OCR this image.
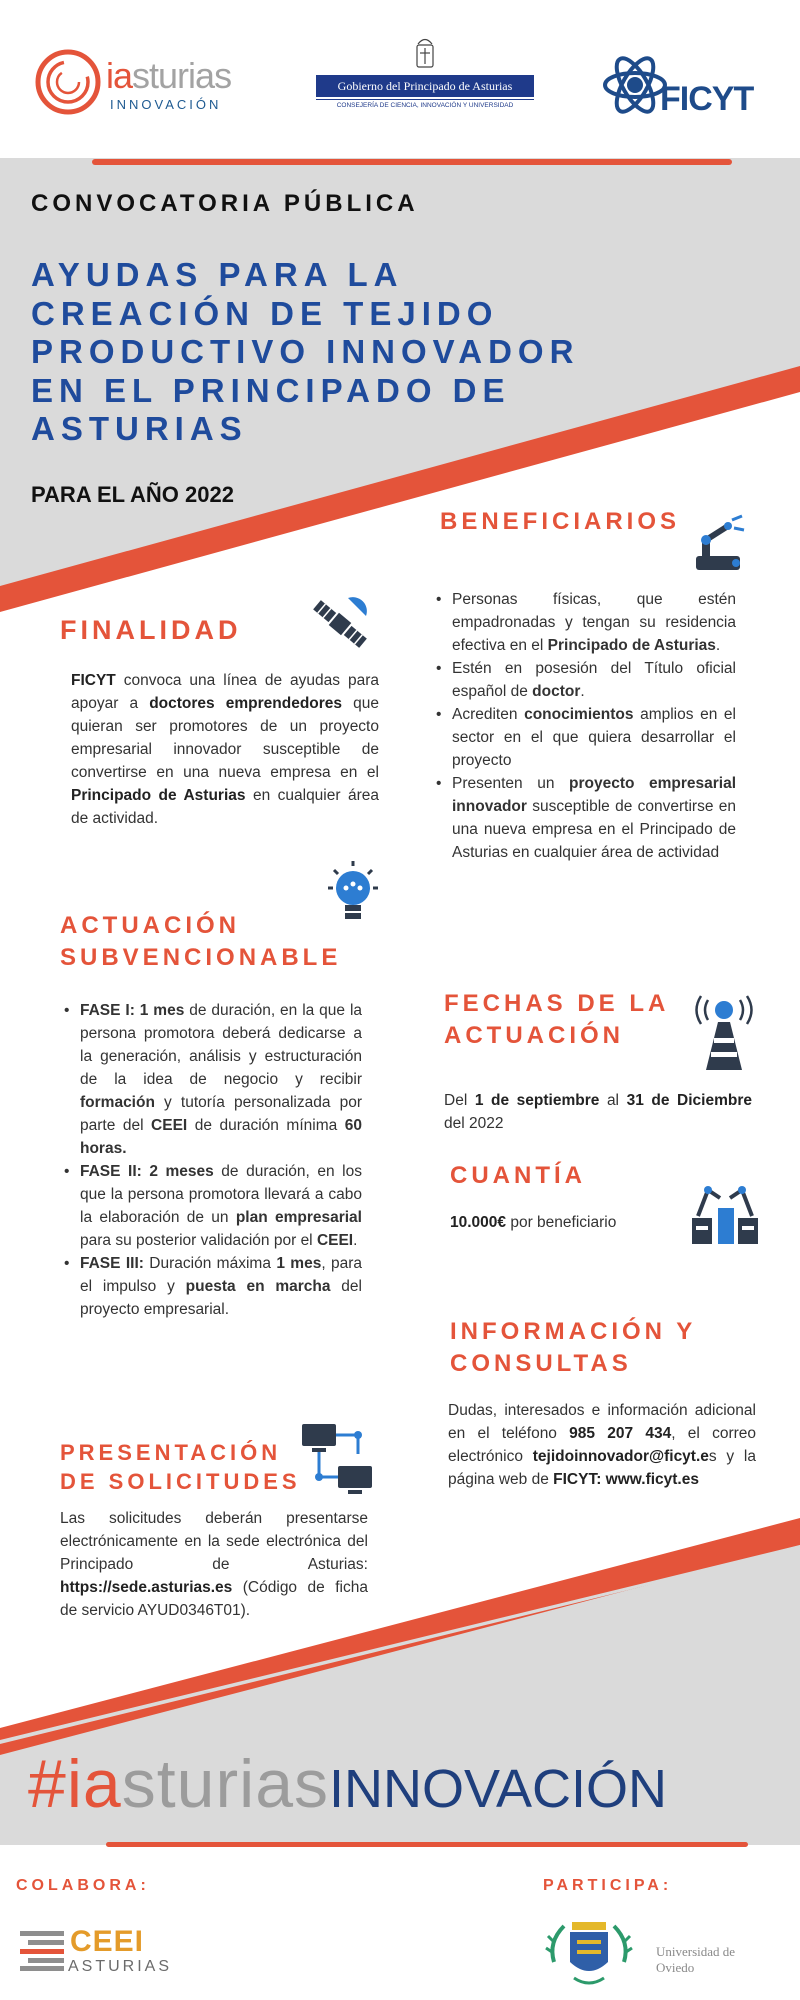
iasturias
INNOVACIÓN
Gobierno del Principado de Asturias
CONSEJERÍA DE CIENCIA, INNOVACIÓN Y UNIVERSIDAD	FICYT
CONVOCATORIA PÚBLICA
AYUDAS PARA LA
CREACIÓN DE TEJIDO
PRODUCTIVO INNOVADOR
EN EL PRINCIPADO DE
ASTURIAS
PARA EL AÑO 2022
BENEFICIARIOS
• Personas físicas, que estén empadronadas y tengan su residencia efectiva en el Principado de Asturias.
• Estén en posesión del Título oficial español de doctor.
• Acrediten conocimientos amplios en el sector en el que quiera desarrollar el proyecto
• Presenten un proyecto empresarial innovador susceptible de convertirse en una nueva empresa en el Principado de Asturias en cualquier área de actividad
FINALIDAD
FICYT convoca una línea de ayudas para apoyar a doctores emprendedores que quieran ser promotores de un proyecto empresarial innovador susceptible de convertirse en una nueva empresa en el Principado de Asturias en cualquier área de actividad.
ACTUACIÓN
SUBVENCIONABLE
• FASE I: 1 mes de duración, en la que la persona promotora deberá dedicarse a la generación, análisis y estructuración de la idea de negocio y recibir formación y tutoría personalizada por parte del CEEI de duración mínima 60 horas.
• FASE II: 2 meses de duración, en los que la persona promotora llevará a cabo la elaboración de un plan empresarial para su posterior validación por el CEEI.
• FASE III: Duración máxima 1 mes, para el impulso y puesta en marcha del proyecto empresarial.
FECHAS DE LA
ACTUACIÓN
Del 1 de septiembre al 31 de Diciembre del 2022
CUANTÍA
10.000€ por beneficiario
INFORMACIÓN Y
CONSULTAS
Dudas, interesados e información adicional en el teléfono 985 207 434, el correo electrónico tejidoinnovador@ficyt.es y la página web de FICYT: www.ficyt.es
PRESENTACIÓN
DE SOLICITUDES
Las solicitudes deberán presentarse electrónicamente en la sede electrónica del Principado de Asturias: https://sede.asturias.es (Código de ficha de servicio AYUD0346T01).
#iasturiasINNOVACIÓN
COLABORA:	PARTICIPA:
CEEI
ASTURIAS
Universidad de
Oviedo
